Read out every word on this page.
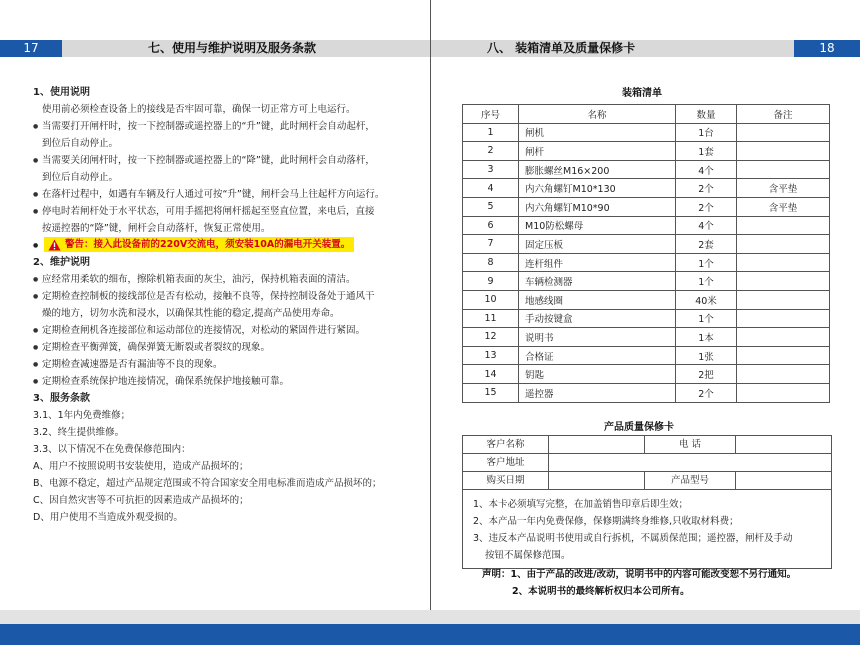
17	七、使用与维护说明及服务条款	八、 装箱清单及质量保修卡	18
1、使用说明
使用前必须检查设备上的接线是否牢固可靠，确保一切正常方可上电运行。
● 当需要打开闸杆时，按一下控制器或遥控器上的“升”键，此时闸杆会自动起杆，
到位后自动停止。
● 当需要关闭闸杆时，按一下控制器或遥控器上的“降”键，此时闸杆会自动落杆，
到位后自动停止。
● 在落杆过程中，如遇有车辆及行人通过可按“升”键，闸杆会马上往起杆方向运行。
● 停电时若闸杆处于水平状态，可用手摇把将闸杆摇起至竖直位置，来电后，直接
按遥控器的“降”键，闸杆会自动落杆，恢复正常使用。
●	警告：接入此设备前的220V交流电，须安装10A的漏电开关装置。
2、维护说明
● 应经常用柔软的细布，擦除机箱表面的灰尘，油污，保持机箱表面的清洁。
● 定期检查控制板的接线部位是否有松动，接触不良等，保持控制设备处于通风干
燥的地方，切勿水洗和浸水，以确保其性能的稳定,提高产品使用寿命。
● 定期检查闸机各连接部位和运动部位的连接情况，对松动的紧固件进行紧固。
● 定期检查平衡弹簧，确保弹簧无断裂或者裂纹的现象。
● 定期检查减速器是否有漏油等不良的现象。
● 定期检查系统保护地连接情况，确保系统保护地接触可靠。
3、服务条款
3.1、1年内免费维修；
3.2、终生提供维修。
3.3、以下情况不在免费保修范围内：
A、用户不按照说明书安装使用，造成产品损坏的；
B、电源不稳定，超过产品规定范围或不符合国家安全用电标准而造成产品损坏的；
C、因自然灾害等不可抗拒的因素造成产品损坏的；
D、用户使用不当造成外观受损的。
装箱清单
序号	名称	数量	备注
1	闸机	1台	
2	闸杆	1套	
3	膨胀螺丝M16×200	4个	
4	内六角螺钉M10*130	2个	含平垫
5	内六角螺钉M10*90	2个	含平垫
6	M10防松螺母	4个	
7	固定压板	2套	
8	连杆组件	1个	
9	车辆检测器	1个	
10	地感线圈	40米	
11	手动按键盒	1个	
12	说明书	1本	
13	合格证	1张	
14	钥匙	2把	
15	遥控器	2个	
产品质量保修卡
客户名称	电 话
客户地址
购买日期	产品型号
1、本卡必须填写完整，在加盖销售印章后即生效；
2、本产品一年内免费保修，保修期满终身维修,只收取材料费；
3、违反本产品说明书使用或自行拆机，不属质保范围；遥控器，闸杆及手动
按钮不属保修范围。
声明：1、由于产品的改进/改动，说明书中的内容可能改变恕不另行通知。
2、本说明书的最终解析权归本公司所有。
